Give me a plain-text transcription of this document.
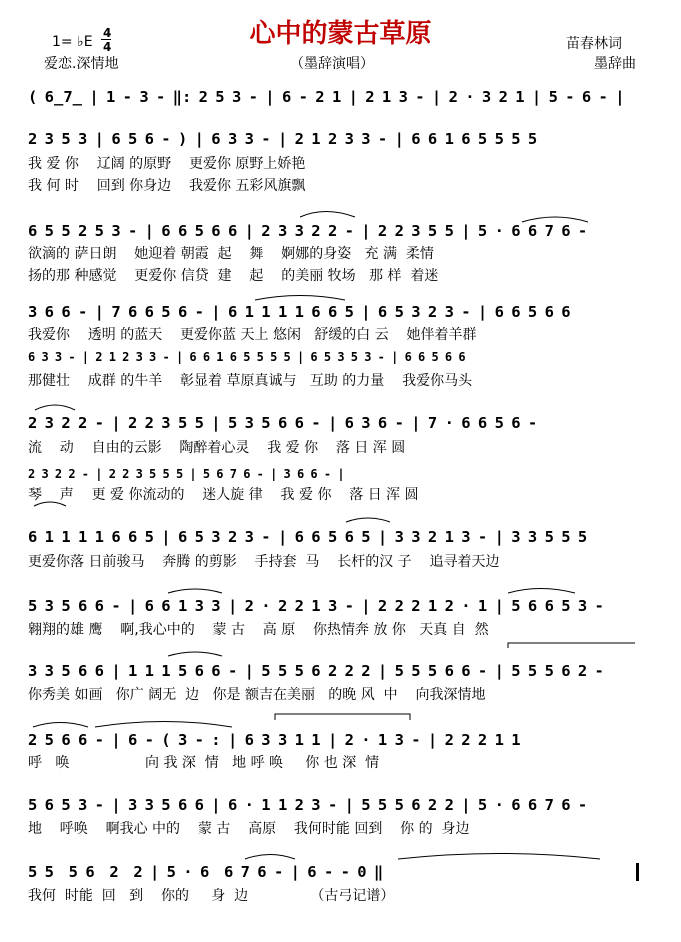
1= ♭E
4
4	心中的蒙古草原	苗春林词
爱恋.深情地	（墨辞演唱）	墨辞曲
( 6̲7̲ | 1 - 3 - ‖: 2 5 3 - | 6 - 2 1 | 2 1 3 - | 2 · 3 2 1 | 5 - 6 - |
2 3 5 3 | 6 5 6 - ) | 6 3 3 - | 2 1 2 3 3 - | 6 6 1 6 5 5 5 5
我 爱 你    辽阔 的原野    更爱你 原野上娇艳
我 何 时    回到 你身边    我爱你 五彩风旗飘
6 5 5 2 5 3 - | 6 6 5 6 6 | 2 3 3 2 2 - | 2 2 3 5 5 | 5 · 6 6 7 6 -
欲滴的 萨日朗    她迎着 朝霞  起    舞    婀娜的身姿   充 满  柔情
扬的那 种感觉    更爱你 信贷  建    起    的美丽 牧场   那 样  着迷
3 6 6 - | 7 6 6 5 6 - | 6 1 1 1 1 6 6 5 | 6 5 3 2 3 - | 6 6 5 6 6
我爱你    透明 的蓝天    更爱你蓝 天上 悠闲   舒缓的白 云    她伴着羊群
6 3 3 - | 2 1 2 3 3 - | 6 6 1 6 5 5 5 5 | 6 5 3 5 3 - | 6 6 5 6 6
那健壮    成群 的牛羊    彰显着 草原真诚与   互助 的力量    我爱你马头
2 3 2 2 - | 2 2 3 5 5 | 5 3 5 6 6 - | 6 3 6 - | 7 · 6 6 5 6 -
流    动    自由的云影    陶醉着心灵    我 爱 你    落 日 浑 圆
2 3 2 2 - | 2 2 3 5 5 5 | 5 6 7 6 - | 3 6 6 - |
琴    声    更 爱 你流动的    迷人旋 律    我 爱 你    落 日 浑 圆
6 1 1 1 1 6 6 5 | 6 5 3 2 3 - | 6 6 5 6 5 | 3 3 2 1 3 - | 3 3 5 5 5
更爱你落 日前骏马    奔腾 的剪影    手持套  马    长杆的汉 子    追寻着天边
5 3 5 6 6 - | 6 6 1 3 3 | 2 · 2 2 1 3 - | 2 2 2 1 2 · 1 | 5 6 6 5 3 -
翱翔的雄 鹰    啊,我心中的    蒙 古    高 原    你热情奔 放 你   天真 自  然
3 3 5 6 6 | 1 1 1 5 6 6 - | 5 5 5 6 2 2 2 | 5 5 5 6 6 - | 5 5 5 6 2 -
你秀美 如画   你广 阔无  边   你是 额吉在美丽   的晚 风  中    向我深情地
2 5 6 6 - | 6 - ( 3 - : | 6 3 3 1 1 | 2 · 1 3 - | 2 2 2 1 1
呼   唤                 向 我 深  情   地 呼 唤     你 也 深  情
5 6 5 3 - | 3 3 5 6 6 | 6 · 1 1 2 3 - | 5 5 5 6 2 2 | 5 · 6 6 7 6 -
地    呼唤    啊我心 中的    蒙 古    高原    我何时能 回到    你 的  身边
5 5  5 6  2  2 | 5 · 6  6 7 6 - | 6 - - 0 ‖
我何  时能  回   到    你的     身  边              （古弓记谱）
